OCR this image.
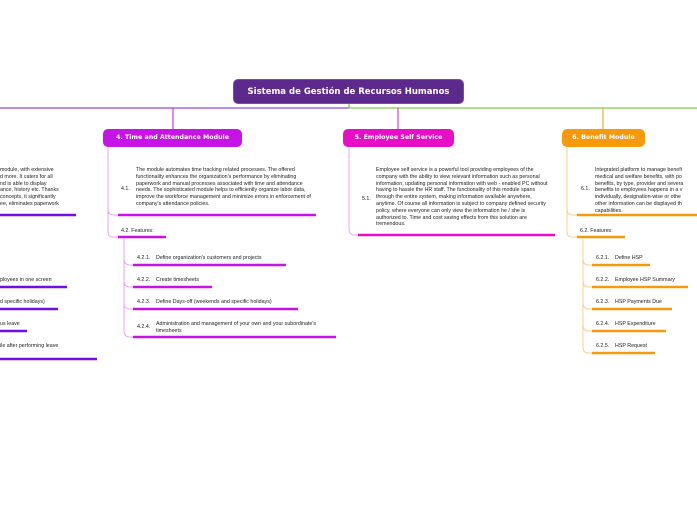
Sistema de Gestión de Recursos Humanos
4. Time and Attendance Module	5. Employee Self Service	6. Benefit Module
module, with extensive
d more. It caters for all
nd is able to display
ance, history etc. Thanks
concepts, it significantly
ee, eliminates paperwork
ployees in one screen
d specific holidays)
us leave
ile after performing leave
4.1.
The module automates time tracking related processes. The offered functionality enhances the organization's performance by eliminating paperwork and manual processes associated with time and attendance needs. The sophisticated module helps to efficiently organize labor data, improve the workforce management and minimize errors in enforcement of company's attendance policies.
4.2. Features:
4.2.1. Define organization's customers and projects
4.2.2. Create timesheets
4.2.3. Define Days-off (weekends and specific holidays)
4.2.4. Administration and management of your own and your subordinate's timesheets
5.1.
Employee self service is a powerful tool providing employees of the company with the ability to view relevant information such as personal information, updating personal information with web - enabled PC without having to hassle the HR staff. The functionality of this module spans through the entire system, making information available anywhere, anytime. Of course all information is subject to company defined security policy, where everyone can only view the information he / she is authorized to. Time and cost saving effects from this solution are tremendous.
6.1.
Integrated platform to manage benefi
medical and welfare benefits, with po
benefits, by type, provider and severa
benefits to employees happens in a v
individually, designation-wise or othe
other information can be displayed th
capabilities.
6.2. Features:
6.2.1. Define HSP
6.2.2. Employee HSP Summary
6.2.3. HSP Payments Due
6.2.4. HSP Expenditure
6.2.5. HSP Request
